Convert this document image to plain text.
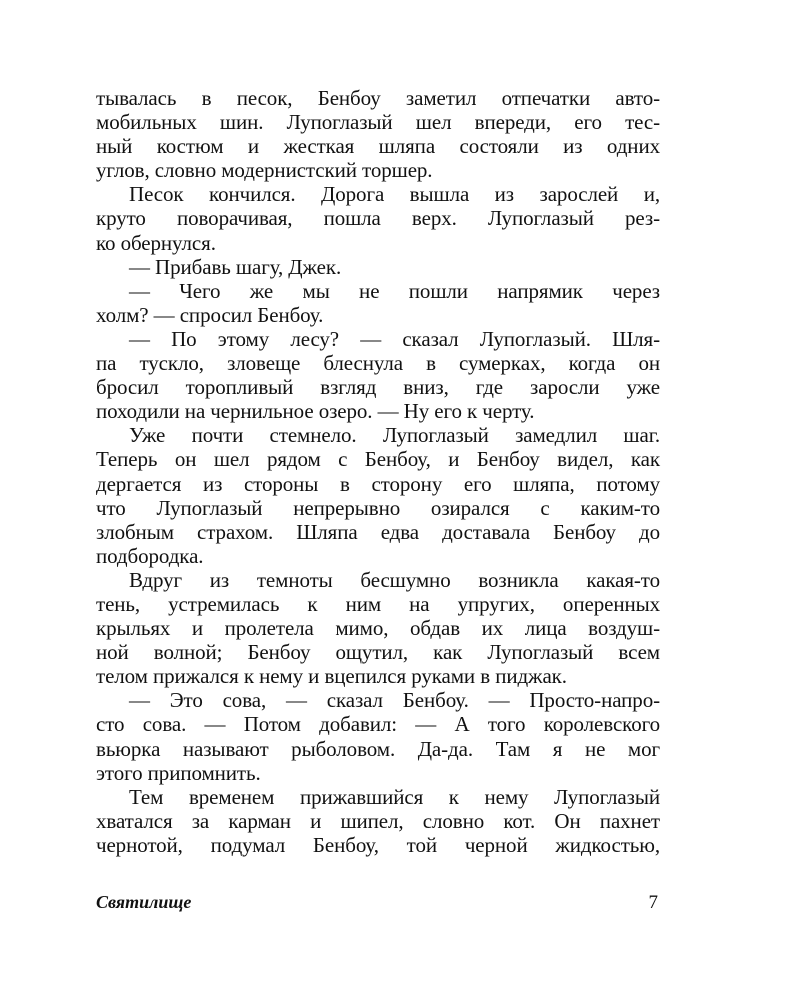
тывалась в песок, Бенбоу заметил отпечатки авто-
мобильных шин. Лупоглазый шел впереди, его тес-
ный костюм и жесткая шляпа состояли из одних
углов, словно модернистский торшер.
Песок кончился. Дорога вышла из зарослей и,
круто поворачивая, пошла верх. Лупоглазый рез-
ко обернулся.
— Прибавь шагу, Джек.
— Чего же мы не пошли напрямик через
холм? — спросил Бенбоу.
— По этому лесу? — сказал Лупоглазый. Шля-
па тускло, зловеще блеснула в сумерках, когда он
бросил торопливый взгляд вниз, где заросли уже
походили на чернильное озеро. — Ну его к черту.
Уже почти стемнело. Лупоглазый замедлил шаг.
Теперь он шел рядом с Бенбоу, и Бенбоу видел, как
дергается из стороны в сторону его шляпа, потому
что Лупоглазый непрерывно озирался с каким-то
злобным страхом. Шляпа едва доставала Бенбоу до
подбородка.
Вдруг из темноты бесшумно возникла какая-то
тень, устремилась к ним на упругих, оперенных
крыльях и пролетела мимо, обдав их лица воздуш-
ной волной; Бенбоу ощутил, как Лупоглазый всем
телом прижался к нему и вцепился руками в пиджак.
— Это сова, — сказал Бенбоу. — Просто-напро-
сто сова. — Потом добавил: — А того королевского
вьюрка называют рыболовом. Да-да. Там я не мог
этого припомнить.
Тем временем прижавшийся к нему Лупоглазый
хватался за карман и шипел, словно кот. Он пахнет
чернотой, подумал Бенбоу, той черной жидкостью,
Святилище	7
